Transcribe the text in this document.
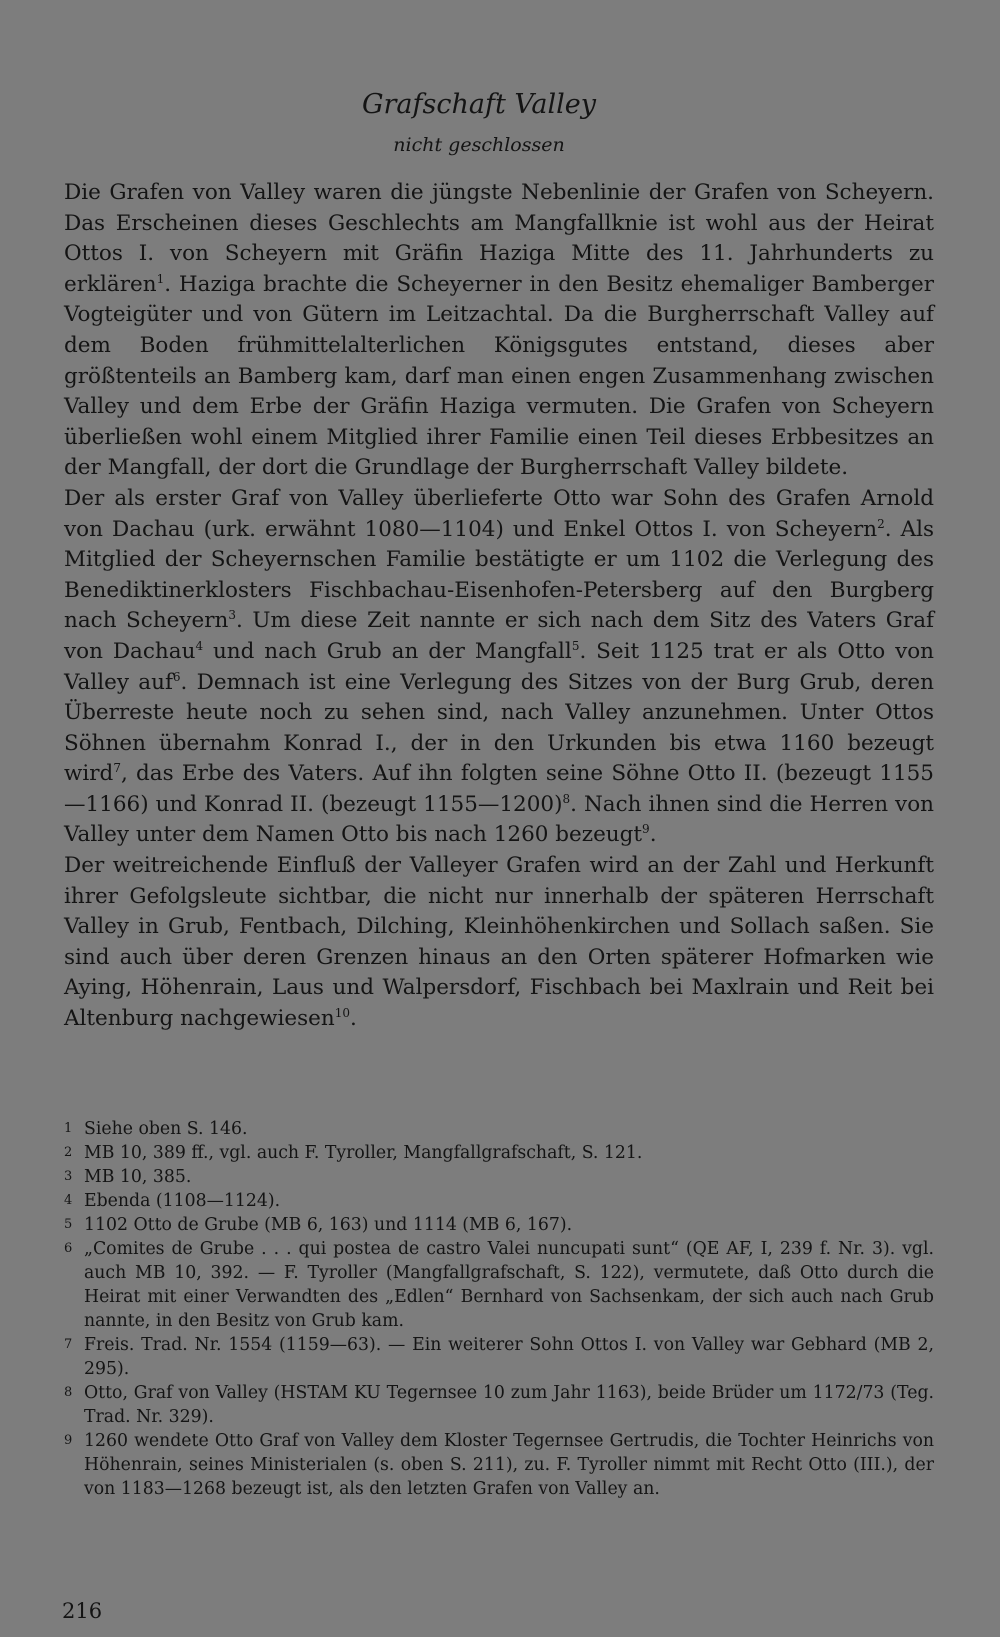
Grafschaft Valley
nicht geschlossen

Die Grafen von Valley waren die jüngste Nebenlinie der Grafen von Scheyern. Das Erscheinen dieses Geschlechts am Mangfallknie ist wohl aus der Heirat Ottos I. von Scheyern mit Gräfin Haziga Mitte des 11. Jahrhunderts zu erklären$^1$. Haziga brachte die Scheyerner in den Besitz ehemaliger Bamberger Vogteigüter und von Gütern im Leitzachtal. Da die Burgherrschaft Valley auf dem Boden frühmittelalterlichen Königsgutes entstand, dieses aber größtenteils an Bamberg kam, darf man einen engen Zusammenhang zwischen Valley und dem Erbe der Gräfin Haziga vermuten. Die Grafen von Scheyern überließen wohl einem Mitglied ihrer Familie einen Teil dieses Erbbesitzes an der Mangfall, der dort die Grundlage der Burgherrschaft Valley bildete.

Der als erster Graf von Valley überlieferte Otto war Sohn des Grafen Arnold von Dachau (urk. erwähnt 1080—1104) und Enkel Ottos I. von Scheyern$^2$. Als Mitglied der Scheyernschen Familie bestätigte er um 1102 die Verlegung des Benediktinerklosters Fischbachau-Eisenhofen-Petersberg auf den Burgberg nach Scheyern$^3$. Um diese Zeit nannte er sich nach dem Sitz des Vaters Graf von Dachau$^4$ und nach Grub an der Mangfall$^5$. Seit 1125 trat er als Otto von Valley auf$^6$. Demnach ist eine Verlegung des Sitzes von der Burg Grub, deren Überreste heute noch zu sehen sind, nach Valley anzunehmen. Unter Ottos Söhnen übernahm Konrad I., der in den Urkunden bis etwa 1160 bezeugt wird$^7$, das Erbe des Vaters. Auf ihn folgten seine Söhne Otto II. (bezeugt 1155—1166) und Konrad II. (bezeugt 1155—1200)$^8$. Nach ihnen sind die Herren von Valley unter dem Namen Otto bis nach 1260 bezeugt$^9$.

Der weitreichende Einfluß der Valleyer Grafen wird an der Zahl und Herkunft ihrer Gefolgsleute sichtbar, die nicht nur innerhalb der späteren Herrschaft Valley in Grub, Fentbach, Dilching, Kleinhöhenkirchen und Sollach saßen. Sie sind auch über deren Grenzen hinaus an den Orten späterer Hofmarken wie Aying, Höhenrain, Laus und Walpersdorf, Fischbach bei Maxlrain und Reit bei Altenburg nachgewiesen$^{10}$.

1 Siehe oben S. 146.

2 MB 10, 389 ff., vgl. auch F. Tyroller, Mangfallgrafschaft, S. 121.

3 MB 10, 385.

4 Ebenda (1108—1124).

5 1102 Otto de Grube (MB 6, 163) und 1114 (MB 6, 167).

6 „Comites de Grube . . . qui postea de castro Valei nuncupati sunt“ (QE AF, I, 239 f. Nr. 3). vgl. auch MB 10, 392. — F. Tyroller (Mangfallgrafschaft, S. 122), vermutete, daß Otto durch die Heirat mit einer Verwandten des „Edlen“ Bernhard von Sachsenkam, der sich auch nach Grub nannte, in den Besitz von Grub kam.

7 Freis. Trad. Nr. 1554 (1159—63). — Ein weiterer Sohn Ottos I. von Valley war Gebhard (MB 2, 295).

8 Otto, Graf von Valley (HSTAM KU Tegernsee 10 zum Jahr 1163), beide Brüder um 1172/73 (Teg. Trad. Nr. 329).

9 1260 wendete Otto Graf von Valley dem Kloster Tegernsee Gertrudis, die Tochter Heinrichs von Höhenrain, seines Ministerialen (s. oben S. 211), zu. F. Tyroller nimmt mit Recht Otto (III.), der von 1183—1268 bezeugt ist, als den letzten Grafen von Valley an.

216
